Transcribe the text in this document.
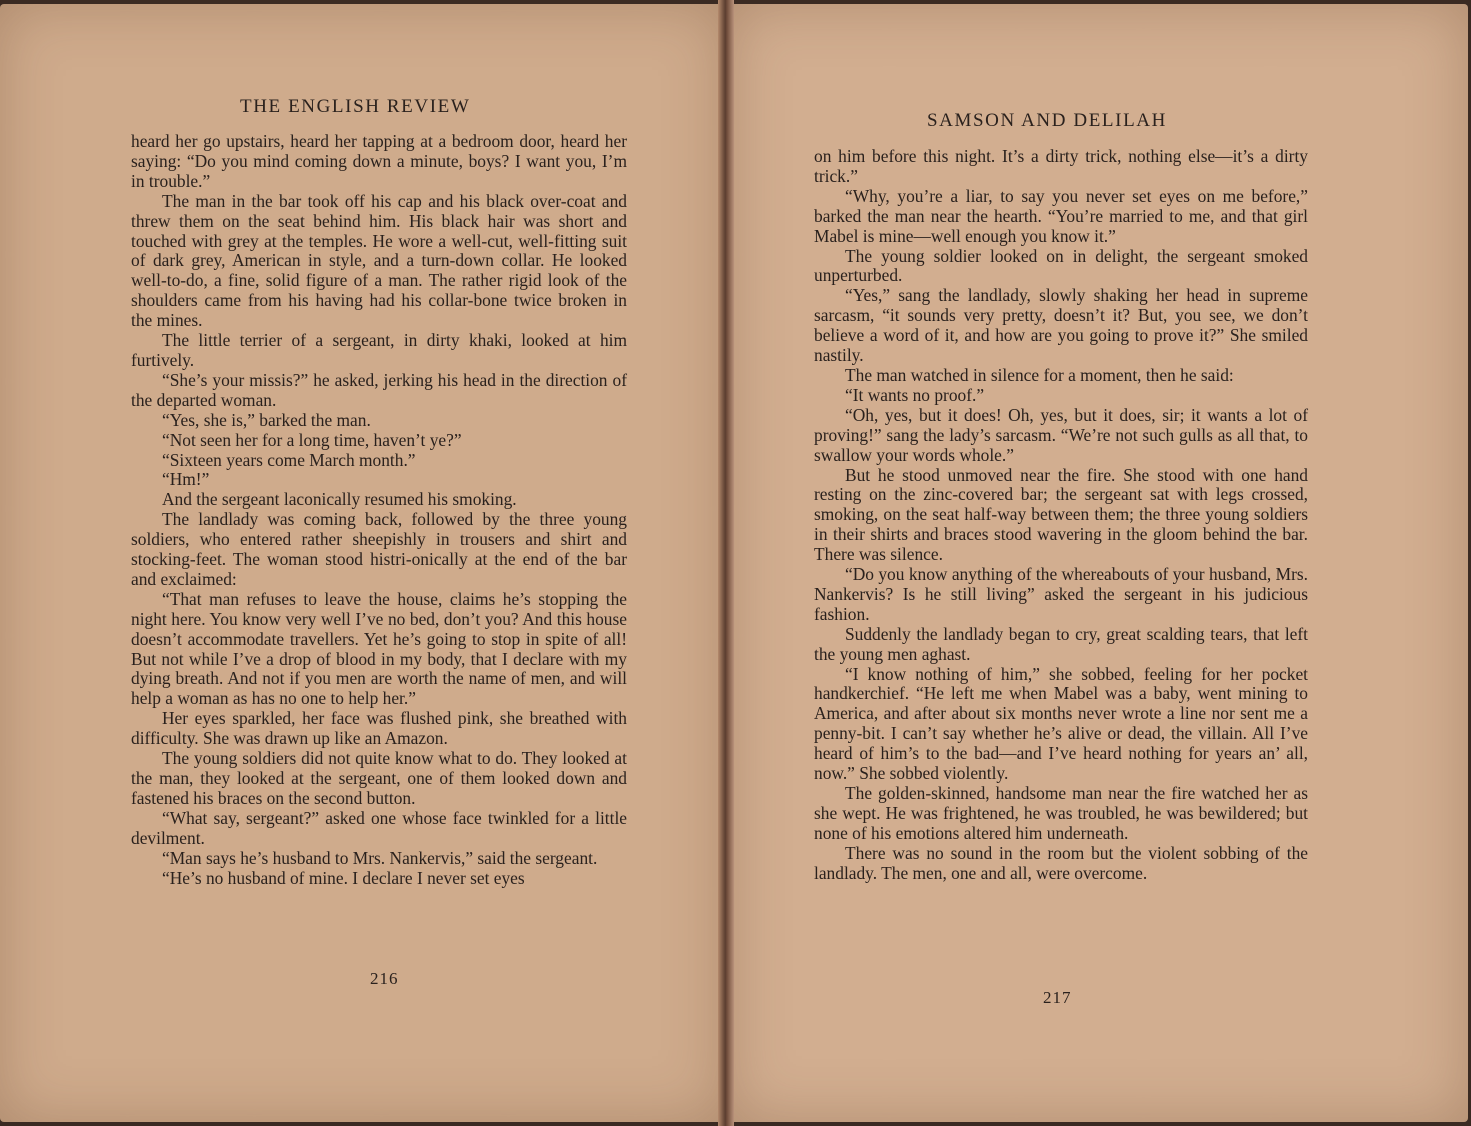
THE ENGLISH REVIEW

heard her go upstairs, heard her tapping at a bedroom door, heard her saying: “Do you mind coming down a minute, boys? I want you, I’m in trouble.”

The man in the bar took off his cap and his black over-coat and threw them on the seat behind him. His black hair was short and touched with grey at the temples. He wore a well-cut, well-fitting suit of dark grey, American in style, and a turn-down collar. He looked well-to-do, a fine, solid figure of a man. The rather rigid look of the shoulders came from his having had his collar-bone twice broken in the mines.

The little terrier of a sergeant, in dirty khaki, looked at him furtively.

“She’s your missis?” he asked, jerking his head in the direction of the departed woman.

“Yes, she is,” barked the man.

“Not seen her for a long time, haven’t ye?”

“Sixteen years come March month.”

“Hm!”

And the sergeant laconically resumed his smoking.

The landlady was coming back, followed by the three young soldiers, who entered rather sheepishly in trousers and shirt and stocking-feet. The woman stood histri-onically at the end of the bar and exclaimed:

“That man refuses to leave the house, claims he’s stopping the night here. You know very well I’ve no bed, don’t you? And this house doesn’t accommodate travellers. Yet he’s going to stop in spite of all! But not while I’ve a drop of blood in my body, that I declare with my dying breath. And not if you men are worth the name of men, and will help a woman as has no one to help her.”

Her eyes sparkled, her face was flushed pink, she breathed with difficulty. She was drawn up like an Amazon.

The young soldiers did not quite know what to do. They looked at the man, they looked at the sergeant, one of them looked down and fastened his braces on the second button.

“What say, sergeant?” asked one whose face twinkled for a little devilment.

“Man says he’s husband to Mrs. Nankervis,” said the sergeant.

“He’s no husband of mine. I declare I never set eyes

216
SAMSON AND DELILAH

on him before this night. It’s a dirty trick, nothing else—it’s a dirty trick.”

“Why, you’re a liar, to say you never set eyes on me before,” barked the man near the hearth. “You’re married to me, and that girl Mabel is mine—well enough you know it.”

The young soldier looked on in delight, the sergeant smoked unperturbed.

“Yes,” sang the landlady, slowly shaking her head in supreme sarcasm, “it sounds very pretty, doesn’t it? But, you see, we don’t believe a word of it, and how are you going to prove it?” She smiled nastily.

The man watched in silence for a moment, then he said:

“It wants no proof.”

“Oh, yes, but it does! Oh, yes, but it does, sir; it wants a lot of proving!” sang the lady’s sarcasm. “We’re not such gulls as all that, to swallow your words whole.”

But he stood unmoved near the fire. She stood with one hand resting on the zinc-covered bar; the sergeant sat with legs crossed, smoking, on the seat half-way between them; the three young soldiers in their shirts and braces stood wavering in the gloom behind the bar. There was silence.

“Do you know anything of the whereabouts of your husband, Mrs. Nankervis? Is he still living” asked the sergeant in his judicious fashion.

Suddenly the landlady began to cry, great scalding tears, that left the young men aghast.

“I know nothing of him,” she sobbed, feeling for her pocket handkerchief. “He left me when Mabel was a baby, went mining to America, and after about six months never wrote a line nor sent me a penny-bit. I can’t say whether he’s alive or dead, the villain. All I’ve heard of him’s to the bad—and I’ve heard nothing for years an’ all, now.” She sobbed violently.

The golden-skinned, handsome man near the fire watched her as she wept. He was frightened, he was troubled, he was bewildered; but none of his emotions altered him underneath.

There was no sound in the room but the violent sobbing of the landlady. The men, one and all, were overcome.

217
